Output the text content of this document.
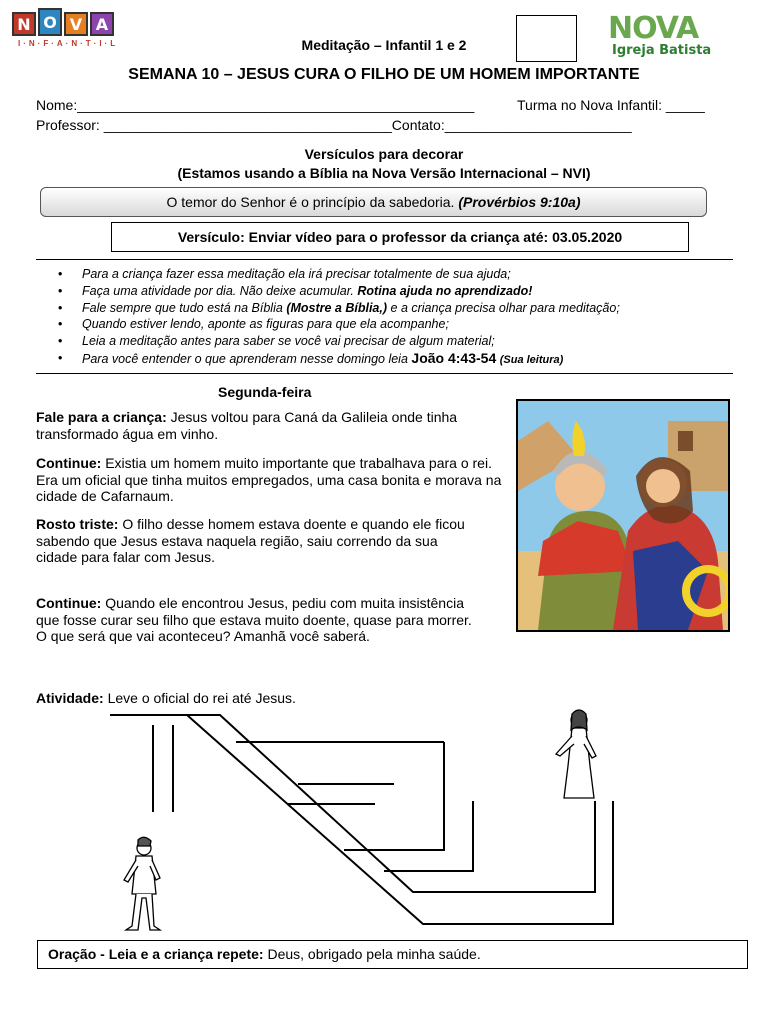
N O V A
I·N·F·A·N·T·I·L	NOVA
Igreja Batista
Meditação – Infantil 1 e 2
SEMANA 10 – JESUS CURA O FILHO DE UM HOMEM IMPORTANTE
Nome:___________________________________________________	Turma no Nova Infantil: _____
Professor: _____________________________________Contato:________________________
Versículos para decorar
(Estamos usando a Bíblia na Nova Versão Internacional – NVI)
O temor do Senhor é o princípio da sabedoria. (Provérbios 9:10a)
Versículo: Enviar vídeo para o professor da criança até: 03.05.2020
• Para a criança fazer essa meditação ela irá precisar totalmente de sua ajuda;
• Faça uma atividade por dia. Não deixe acumular. Rotina ajuda no aprendizado!
• Fale sempre que tudo está na Bíblia (Mostre a Bíblia,) e a criança precisa olhar para meditação;
• Quando estiver lendo, aponte as figuras para que ela acompanhe;
• Leia a meditação antes para saber se você vai precisar de algum material;
• Para você entender o que aprenderam nesse domingo leia João 4:43-54 (Sua leitura)
Segunda-feira
Fale para a criança: Jesus voltou para Caná da Galileia onde tinha transformado água em vinho.
Continue: Existia um homem muito importante que trabalhava para o rei. Era um oficial que tinha muitos empregados, uma casa bonita e morava na cidade de Cafarnaum.
Rosto triste: O filho desse homem estava doente e quando ele ficou
sabendo que Jesus estava naquela região, saiu correndo da sua cidade para falar com Jesus.
Continue: Quando ele encontrou Jesus, pediu com muita insistência
que fosse curar seu filho que estava muito doente, quase para morrer.
O que será que vai aconteceu? Amanhã você saberá.
Atividade: Leve o oficial do rei até Jesus.
Oração - Leia e a criança repete: Deus, obrigado pela minha saúde.
